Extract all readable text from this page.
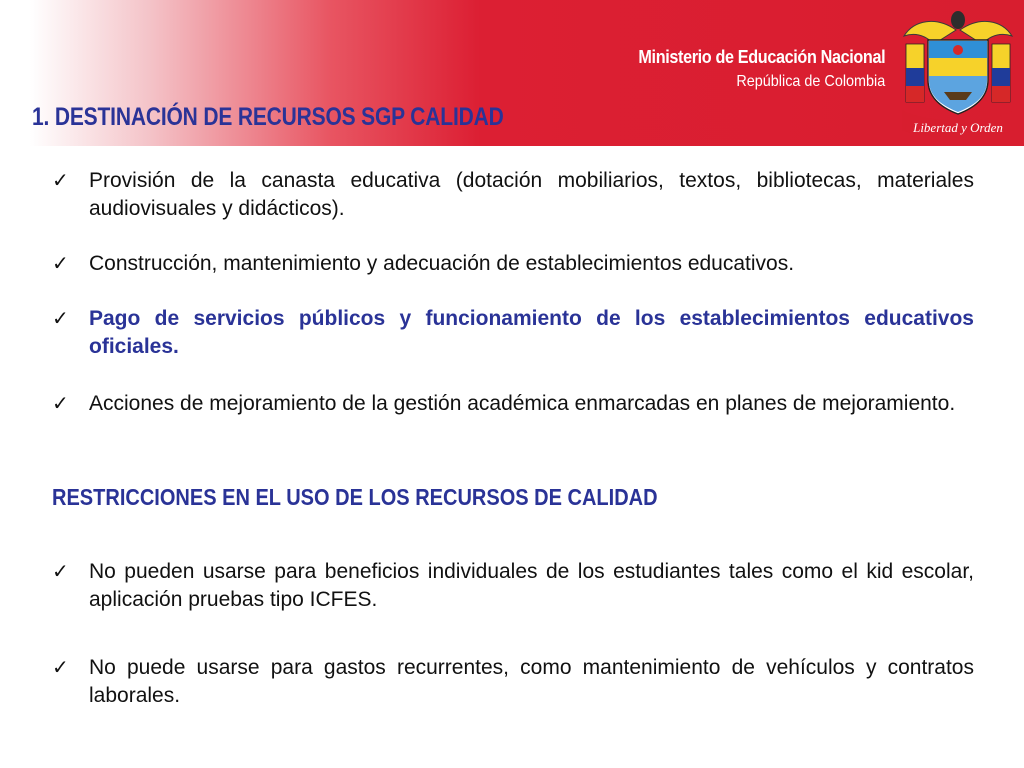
Ministerio de Educación Nacional
República de Colombia
Libertad y Orden
1. DESTINACIÓN DE RECURSOS SGP CALIDAD
✓ Provisión de la canasta educativa (dotación mobiliarios, textos, bibliotecas, materiales audiovisuales y didácticos).
✓ Construcción, mantenimiento y adecuación de establecimientos educativos.
✓ Pago de servicios públicos y funcionamiento de los establecimientos educativos oficiales.
✓ Acciones de mejoramiento de la gestión académica enmarcadas en planes de mejoramiento.
RESTRICCIONES EN EL USO DE LOS RECURSOS DE CALIDAD
✓ No pueden usarse para beneficios individuales de los estudiantes tales como el kid escolar, aplicación pruebas tipo ICFES.
✓ No puede usarse para gastos recurrentes, como mantenimiento de vehículos y contratos laborales.
